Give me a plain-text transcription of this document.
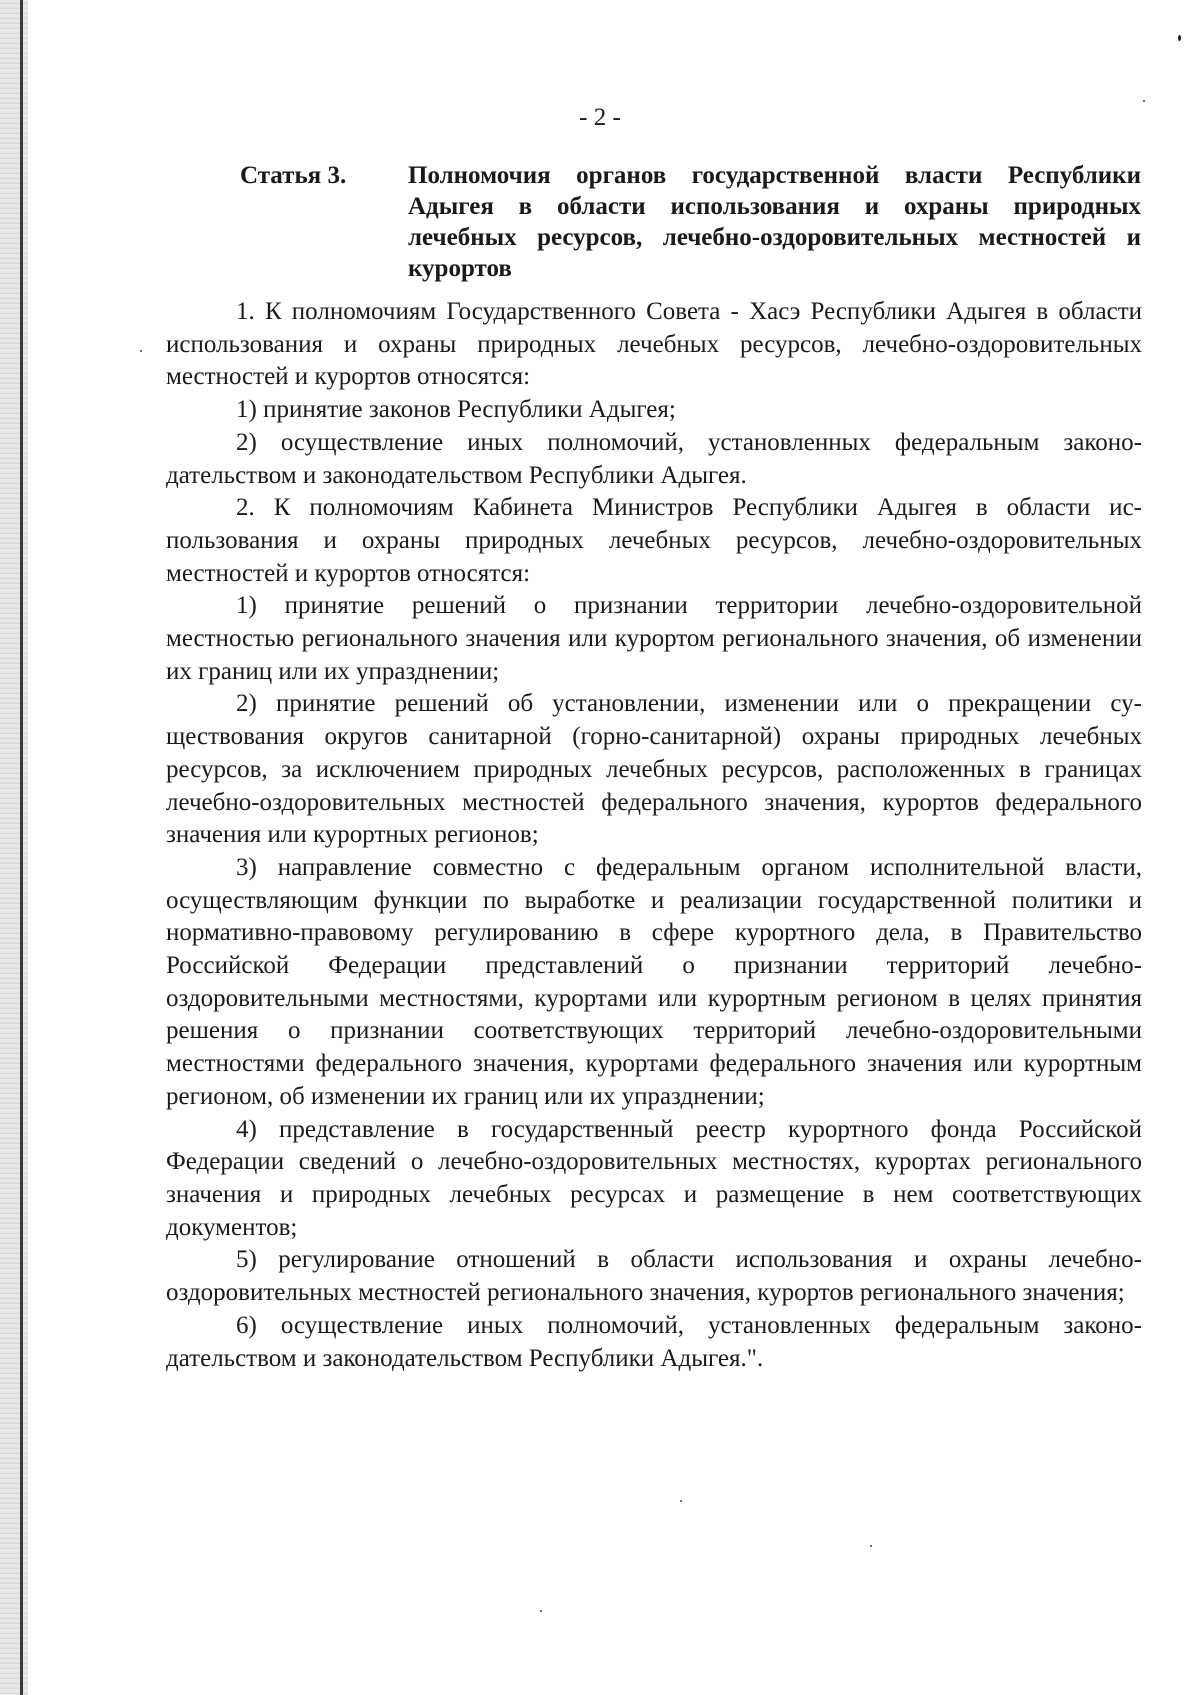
- 2 -
Статья 3. Полномочия органов государственной власти Республики Адыгея в области использования и охраны природных лечебных ресурсов, лечебно-оздоровительных местностей и курортов

1. К полномочиям Государственного Совета - Хасэ Республики Адыгея в области использования и охраны природных лечебных ресурсов, лечебно-оздоровительных местностей и курортов относятся:

1) принятие законов Республики Адыгея;

2) осуществление иных полномочий, установленных федеральным законодательством и законодательством Республики Адыгея.

2. К полномочиям Кабинета Министров Республики Адыгея в области использования и охраны природных лечебных ресурсов, лечебно-оздоровительных местностей и курортов относятся:

1) принятие решений о признании территории лечебно-оздоровительной местностью регионального значения или курортом регионального значения, об изменении их границ или их упразднении;

2) принятие решений об установлении, изменении или о прекращении существования округов санитарной (горно-санитарной) охраны природных лечебных ресурсов, за исключением природных лечебных ресурсов, расположенных в границах лечебно-оздоровительных местностей федерального значения, курортов федерального значения или курортных регионов;

3) направление совместно с федеральным органом исполнительной власти, осуществляющим функции по выработке и реализации государственной политики и нормативно-правовому регулированию в сфере курортного дела, в Правительство Российской Федерации представлений о признании территорий лечебно-оздоровительными местностями, курортами или курортным регионом в целях принятия решения о признании соответствующих территорий лечебно-оздоровительными местностями федерального значения, курортами федерального значения или курортным регионом, об изменении их границ или их упразднении;

4) представление в государственный реестр курортного фонда Российской Федерации сведений о лечебно-оздоровительных местностях, курортах регионального значения и природных лечебных ресурсах и размещение в нем соответствующих документов;

5) регулирование отношений в области использования и охраны лечебно-оздоровительных местностей регионального значения, курортов регионального значения;

6) осуществление иных полномочий, установленных федеральным законодательством и законодательством Республики Адыгея.".
